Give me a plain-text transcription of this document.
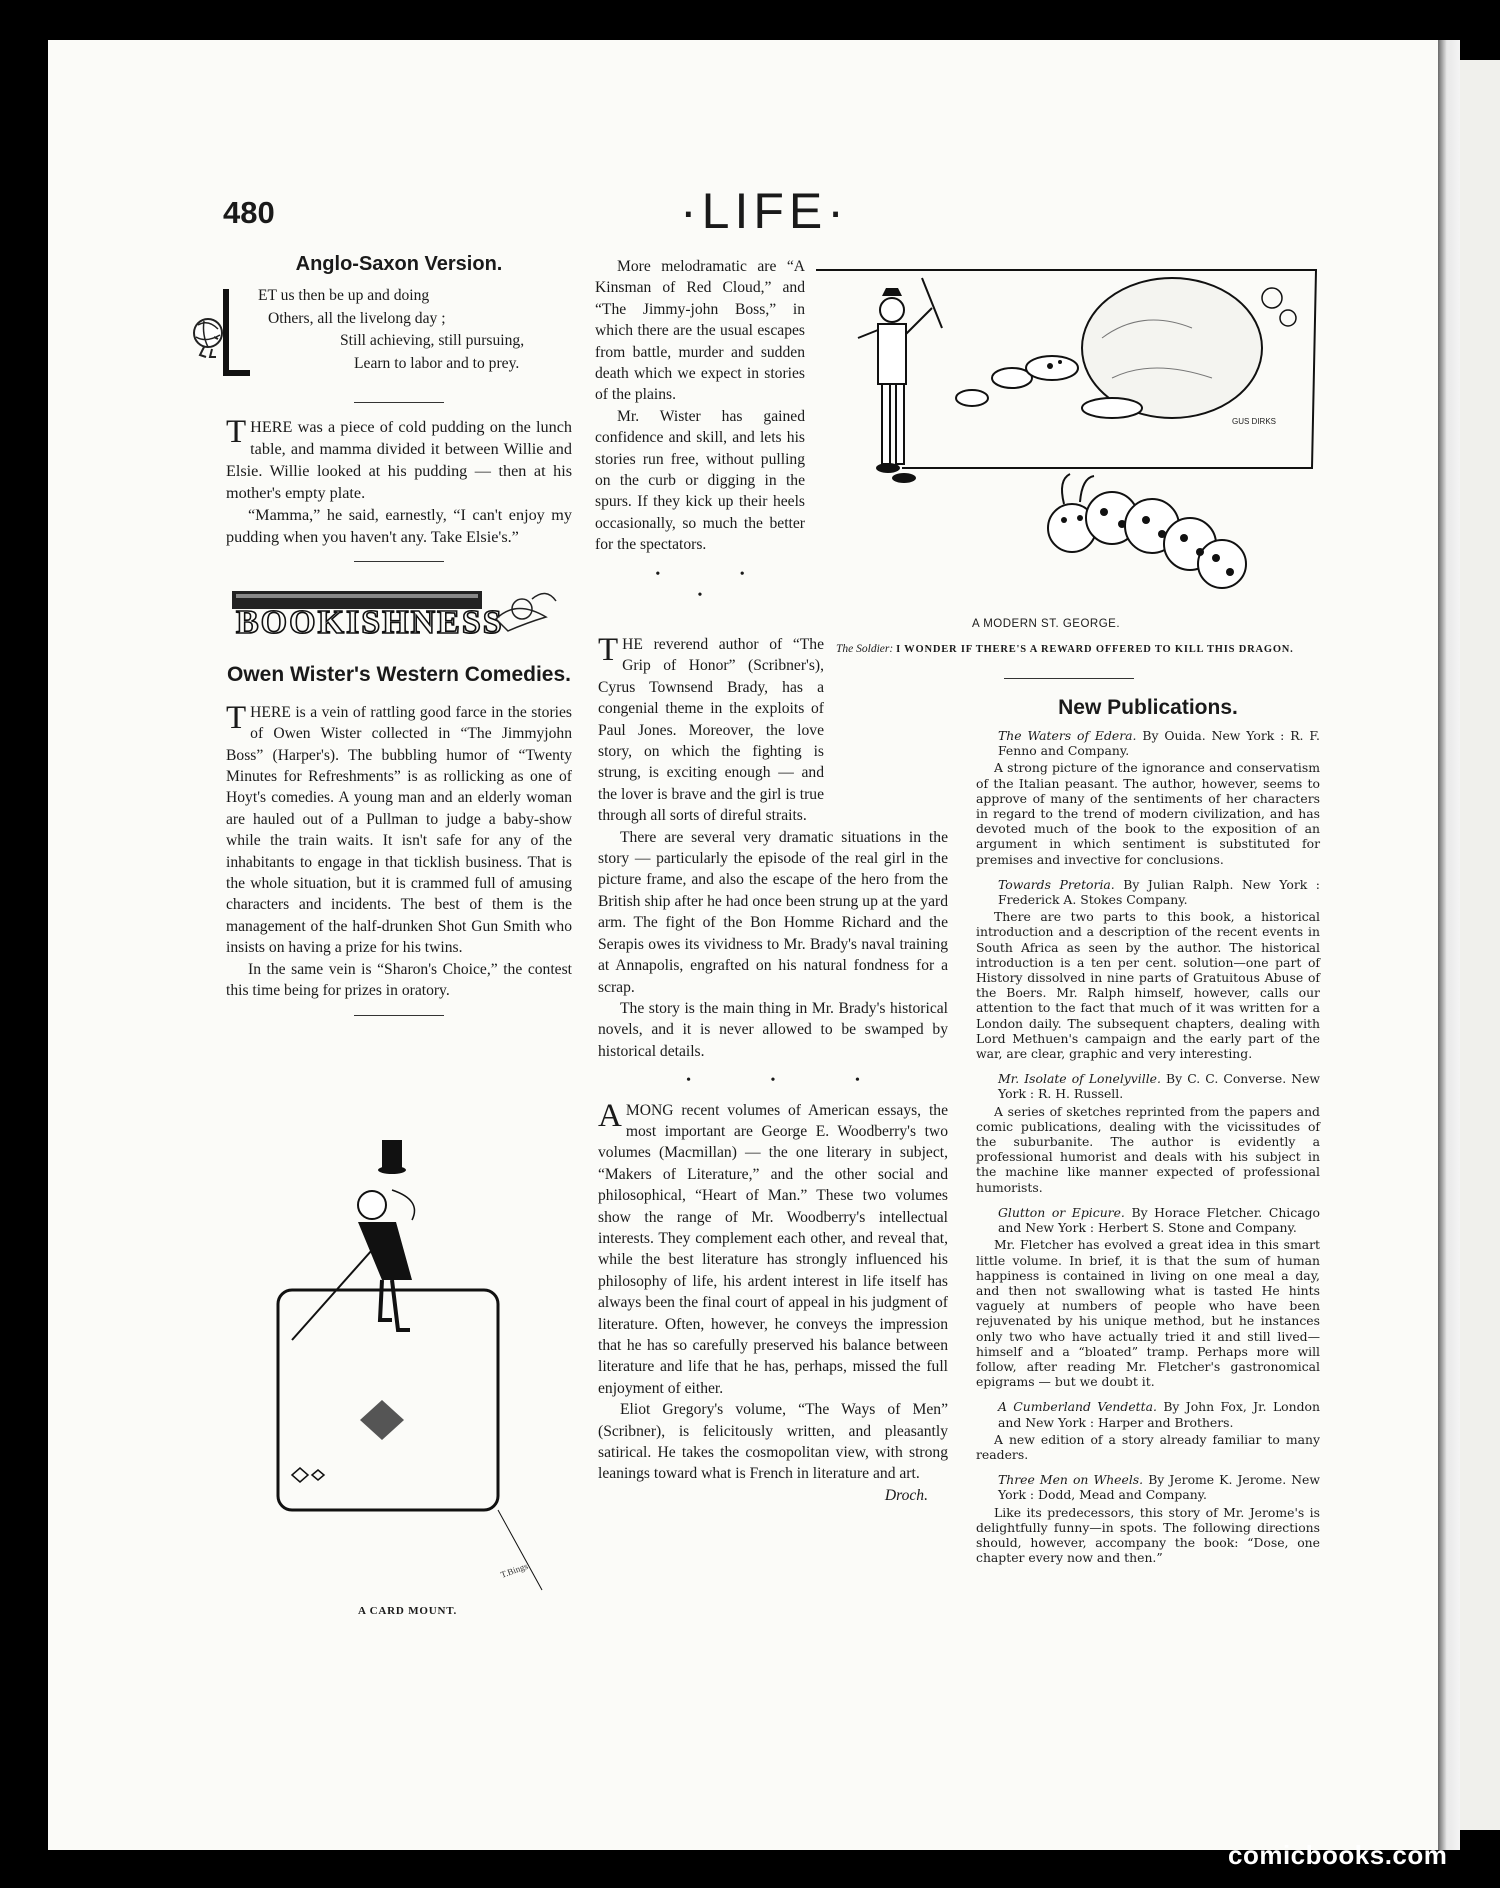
480	·LIFE·
Anglo-Saxon Version.
L
ET us then be up and doing
Others, all the livelong day ;
Still achieving, still pursuing,
Learn to labor and to prey.

THERE was a piece of cold pudding on the lunch table, and mamma divided it between Willie and Elsie. Willie looked at his pudding — then at his mother's empty plate.

“Mamma,” he said, earnestly, “I can't enjoy my pudding when you haven't any. Take Elsie's.”

BOOKISHNESS
Owen Wister's Western Comedies.

THERE is a vein of rattling good farce in the stories of Owen Wister collected in “The Jimmyjohn Boss” (Harper's). The bubbling humor of “Twenty Minutes for Refreshments” is as rollicking as one of Hoyt's comedies. A young man and an elderly woman are hauled out of a Pullman to judge a baby-show while the train waits. It isn't safe for any of the inhabitants to engage in that ticklish business. That is the whole situation, but it is crammed full of amusing characters and incidents. The best of them is the management of the half-drunken Shot Gun Smith who insists on having a prize for his twins.

In the same vein is “Sharon's Choice,” the contest this time being for prizes in oratory.

T.Bings
A CARD MOUNT.

More melodramatic are “A Kinsman of Red Cloud,” and “The Jimmy-john Boss,” in which there are the usual escapes from battle, murder and sudden death which we expect in stories of the plains.

Mr. Wister has gained confidence and skill, and lets his stories run free, without pulling on the curb or digging in the spurs. If they kick up their heels occasionally, so much the better for the spectators.

• • •
GUS DIRKS
A MODERN ST. GEORGE.
The Soldier: I WONDER IF THERE'S A REWARD OFFERED TO KILL THIS DRAGON.

THE reverend author of “The Grip of Honor” (Scribner's), Cyrus Townsend Brady, has a congenial theme in the exploits of Paul Jones. Moreover, the love story, on which the fighting is strung, is exciting enough — and the lover is brave and the girl is true through all sorts of direful straits.

There are several very dramatic situations in the story — particularly the episode of the real girl in the picture frame, and also the escape of the hero from the British ship after he had once been strung up at the yard arm. The fight of the Bon Homme Richard and the Serapis owes its vividness to Mr. Brady's naval training at Annapolis, engrafted on his natural fondness for a scrap.

The story is the main thing in Mr. Brady's historical novels, and it is never allowed to be swamped by historical details.

• • •

AMONG recent volumes of American essays, the most important are George E. Woodberry's two volumes (Macmillan) — the one literary in subject, “Makers of Literature,” and the other social and philosophical, “Heart of Man.” These two volumes show the range of Mr. Woodberry's intellectual interests. They complement each other, and reveal that, while the best literature has strongly influenced his philosophy of life, his ardent interest in life itself has always been the final court of appeal in his judgment of literature. Often, however, he conveys the impression that he has so carefully preserved his balance between literature and life that he has, perhaps, missed the full enjoyment of either.

Eliot Gregory's volume, “The Ways of Men” (Scribner), is felicitously written, and pleasantly satirical. He takes the cosmopolitan view, with strong leanings toward what is French in literature and art.

Droch.
New Publications.

The Waters of Edera. By Ouida. New York : R. F. Fenno and Company.

A strong picture of the ignorance and conservatism of the Italian peasant. The author, however, seems to approve of many of the sentiments of her characters in regard to the trend of modern civilization, and has devoted much of the book to the exposition of an argument in which sentiment is substituted for premises and invective for conclusions.

Towards Pretoria. By Julian Ralph. New York : Frederick A. Stokes Company.

There are two parts to this book, a historical introduction and a description of the recent events in South Africa as seen by the author. The historical introduction is a ten per cent. solution—one part of History dissolved in nine parts of Gratuitous Abuse of the Boers. Mr. Ralph himself, however, calls our attention to the fact that much of it was written for a London daily. The subsequent chapters, dealing with Lord Methuen's campaign and the early part of the war, are clear, graphic and very interesting.

Mr. Isolate of Lonelyville. By C. C. Converse. New York : R. H. Russell.

A series of sketches reprinted from the papers and comic publications, dealing with the vicissitudes of the suburbanite. The author is evidently a professional humorist and deals with his subject in the machine like manner expected of professional humorists.

Glutton or Epicure. By Horace Fletcher. Chicago and New York : Herbert S. Stone and Company.

Mr. Fletcher has evolved a great idea in this smart little volume. In brief, it is that the sum of human happiness is contained in living on one meal a day, and then not swallowing what is tasted He hints vaguely at numbers of people who have been rejuvenated by his unique method, but he instances only two who have actually tried it and still lived—himself and a “bloated” tramp. Perhaps more will follow, after reading Mr. Fletcher's gastronomical epigrams — but we doubt it.

A Cumberland Vendetta. By John Fox, Jr. London and New York : Harper and Brothers.

A new edition of a story already familiar to many readers.

Three Men on Wheels. By Jerome K. Jerome. New York : Dodd, Mead and Company.

Like its predecessors, this story of Mr. Jerome's is delightfully funny—in spots. The following directions should, however, accompany the book: “Dose, one chapter every now and then.”

comicbooks.com
